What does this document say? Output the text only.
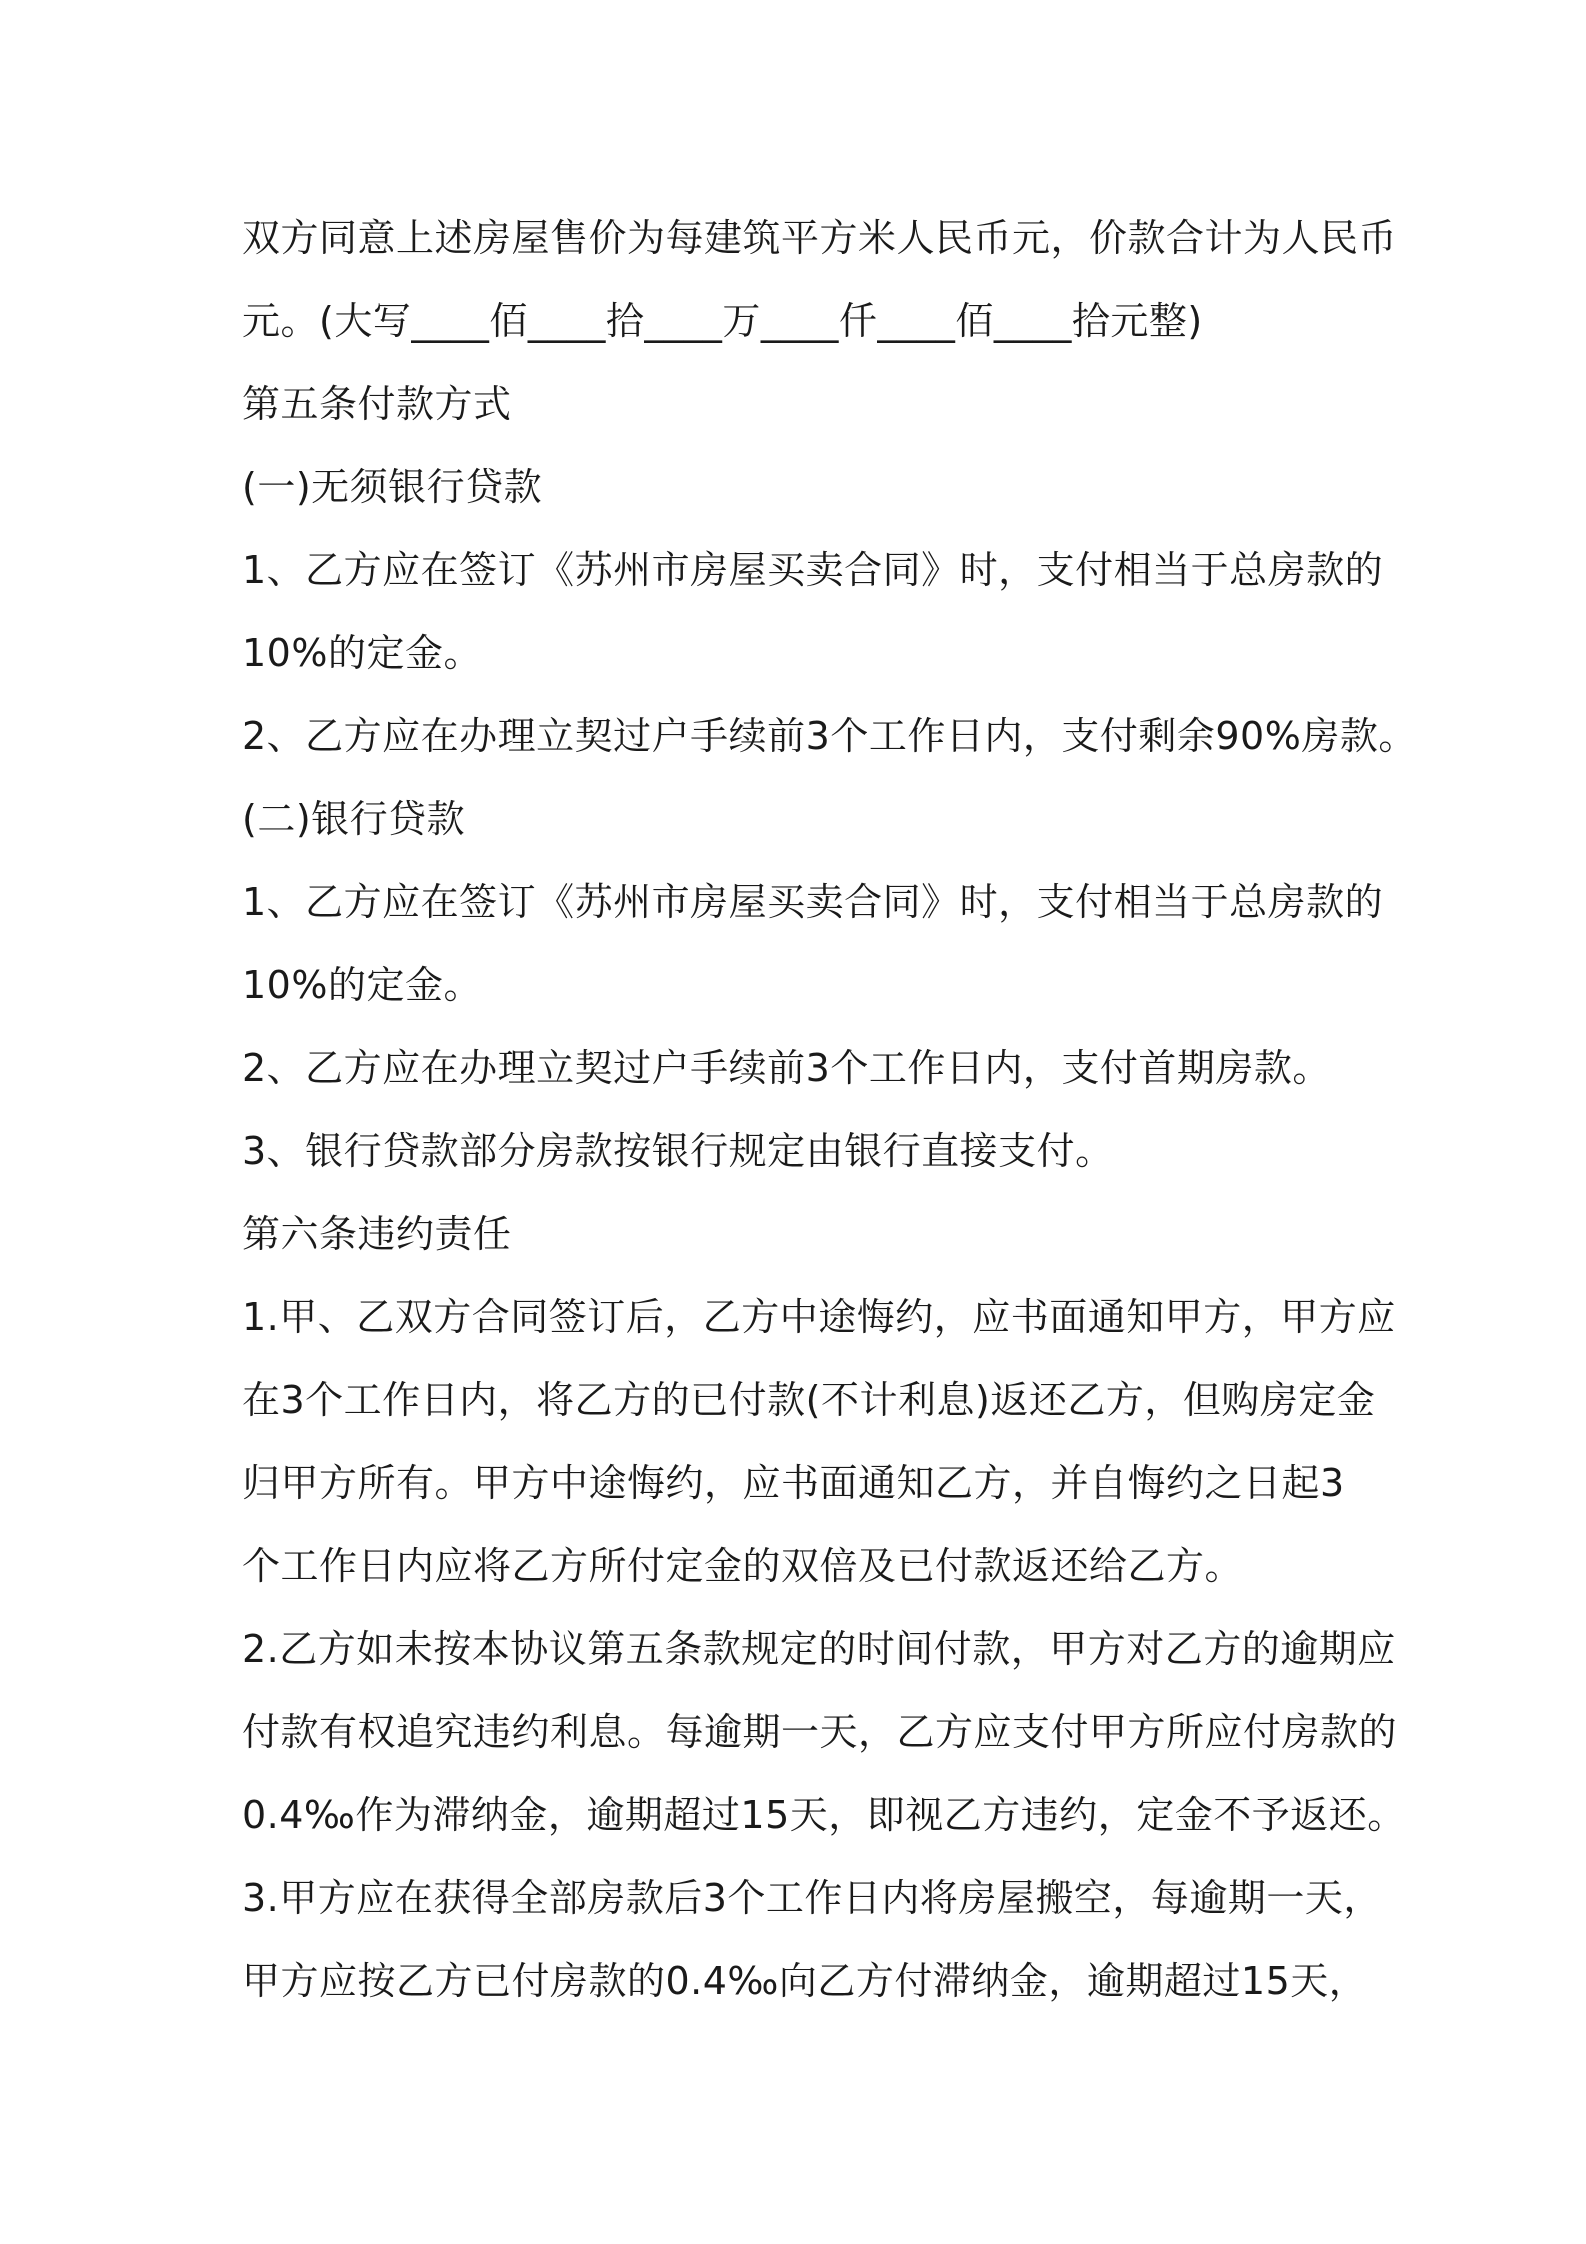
双方同意上述房屋售价为每建筑平方米人民币元，价款合计为人民币
元。(大写____佰____拾____万____仟____佰____拾元整)
第五条付款方式
(一)无须银行贷款
1、乙方应在签订《苏州市房屋买卖合同》时，支付相当于总房款的
10%的定金。
2、乙方应在办理立契过户手续前3个工作日内，支付剩余90%房款。
(二)银行贷款
1、乙方应在签订《苏州市房屋买卖合同》时，支付相当于总房款的
10%的定金。
2、乙方应在办理立契过户手续前3个工作日内，支付首期房款。
3、银行贷款部分房款按银行规定由银行直接支付。
第六条违约责任
1.甲、乙双方合同签订后，乙方中途悔约，应书面通知甲方，甲方应
在3个工作日内，将乙方的已付款(不计利息)返还乙方，但购房定金
归甲方所有。甲方中途悔约，应书面通知乙方，并自悔约之日起3
个工作日内应将乙方所付定金的双倍及已付款返还给乙方。
2.乙方如未按本协议第五条款规定的时间付款，甲方对乙方的逾期应
付款有权追究违约利息。每逾期一天，乙方应支付甲方所应付房款的
0.4‰作为滞纳金，逾期超过15天，即视乙方违约，定金不予返还。
3.甲方应在获得全部房款后3个工作日内将房屋搬空，每逾期一天，
甲方应按乙方已付房款的0.4‰向乙方付滞纳金，逾期超过15天，
